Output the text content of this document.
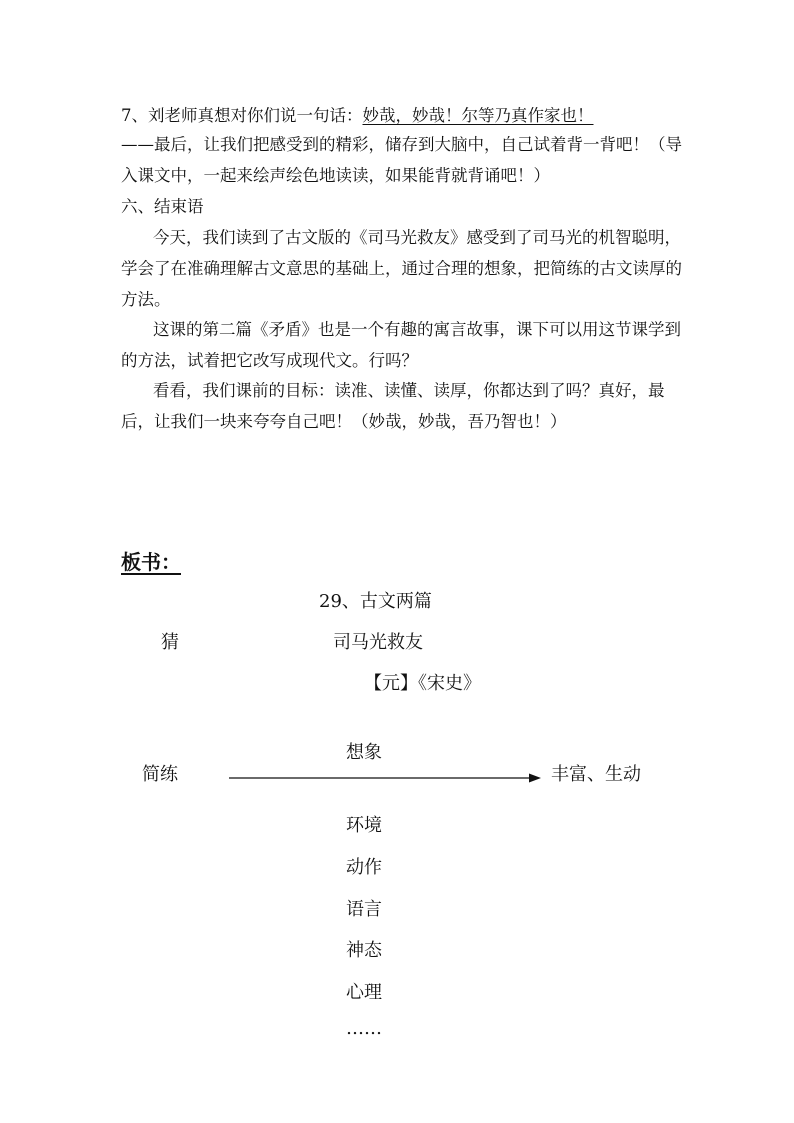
7、刘老师真想对你们说一句话：妙哉，妙哉！尔等乃真作家也！
——最后，让我们把感受到的精彩，储存到大脑中，自己试着背一背吧！（导
入课文中，一起来绘声绘色地读读，如果能背就背诵吧！）
六、结束语
今天，我们读到了古文版的《司马光救友》感受到了司马光的机智聪明，
学会了在准确理解古文意思的基础上，通过合理的想象，把简练的古文读厚的
方法。
这课的第二篇《矛盾》也是一个有趣的寓言故事，课下可以用这节课学到
的方法，试着把它改写成现代文。行吗？
看看，我们课前的目标：读准、读懂、读厚，你都达到了吗？真好，最
后，让我们一块来夸夸自己吧！（妙哉，妙哉，吾乃智也！）
板书：
29、古文两篇
猜	司马光救友
【元】《宋史》
想象
简练	丰富、生动
环境
动作
语言
神态
心理
……
